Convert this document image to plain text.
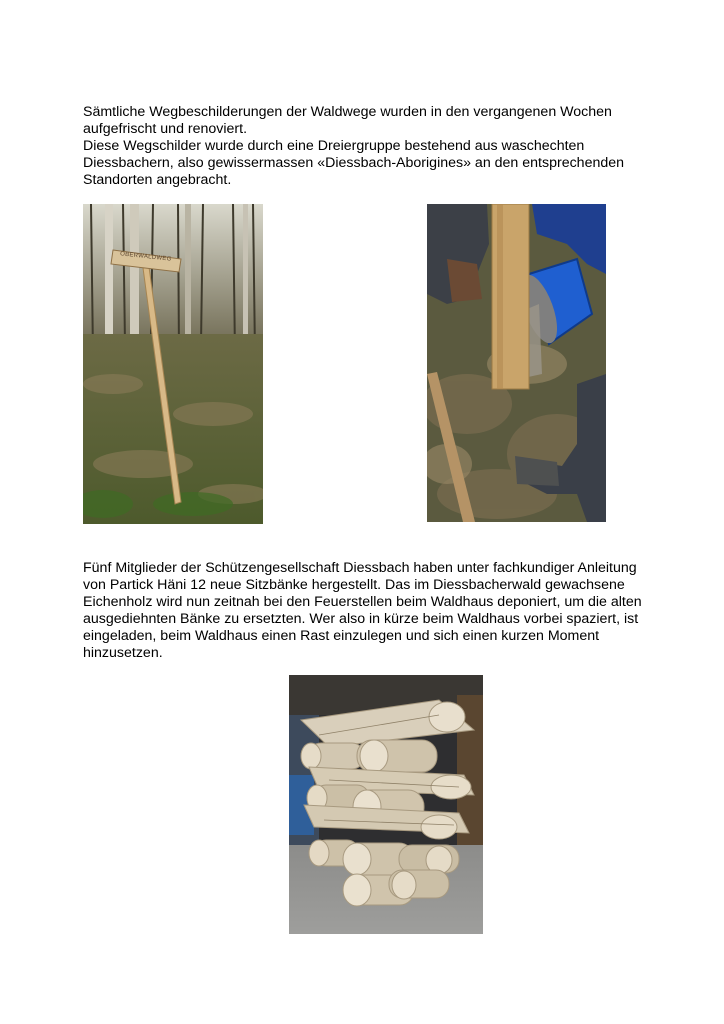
Sämtliche Wegbeschilderungen der Waldwege wurden in den vergangenen Wochen
aufgefrischt und renoviert.
Diese Wegschilder wurde durch eine Dreiergruppe bestehend aus waschechten
Diessbachern, also gewissermassen «Diessbach-Aborigines» an den entsprechenden
Standorten angebracht.

OBERWALDWEG

Fünf Mitglieder der Schützengesellschaft Diessbach haben unter fachkundiger Anleitung
von Partick Häni 12 neue Sitzbänke hergestellt. Das im Diessbacherwald gewachsene
Eichenholz wird nun zeitnah bei den Feuerstellen beim Waldhaus deponiert, um die alten
ausgediehnten Bänke zu ersetzten. Wer also in kürze beim Waldhaus vorbei spaziert, ist
eingeladen, beim Waldhaus einen Rast einzulegen und sich einen kurzen Moment
hinzusetzen.
